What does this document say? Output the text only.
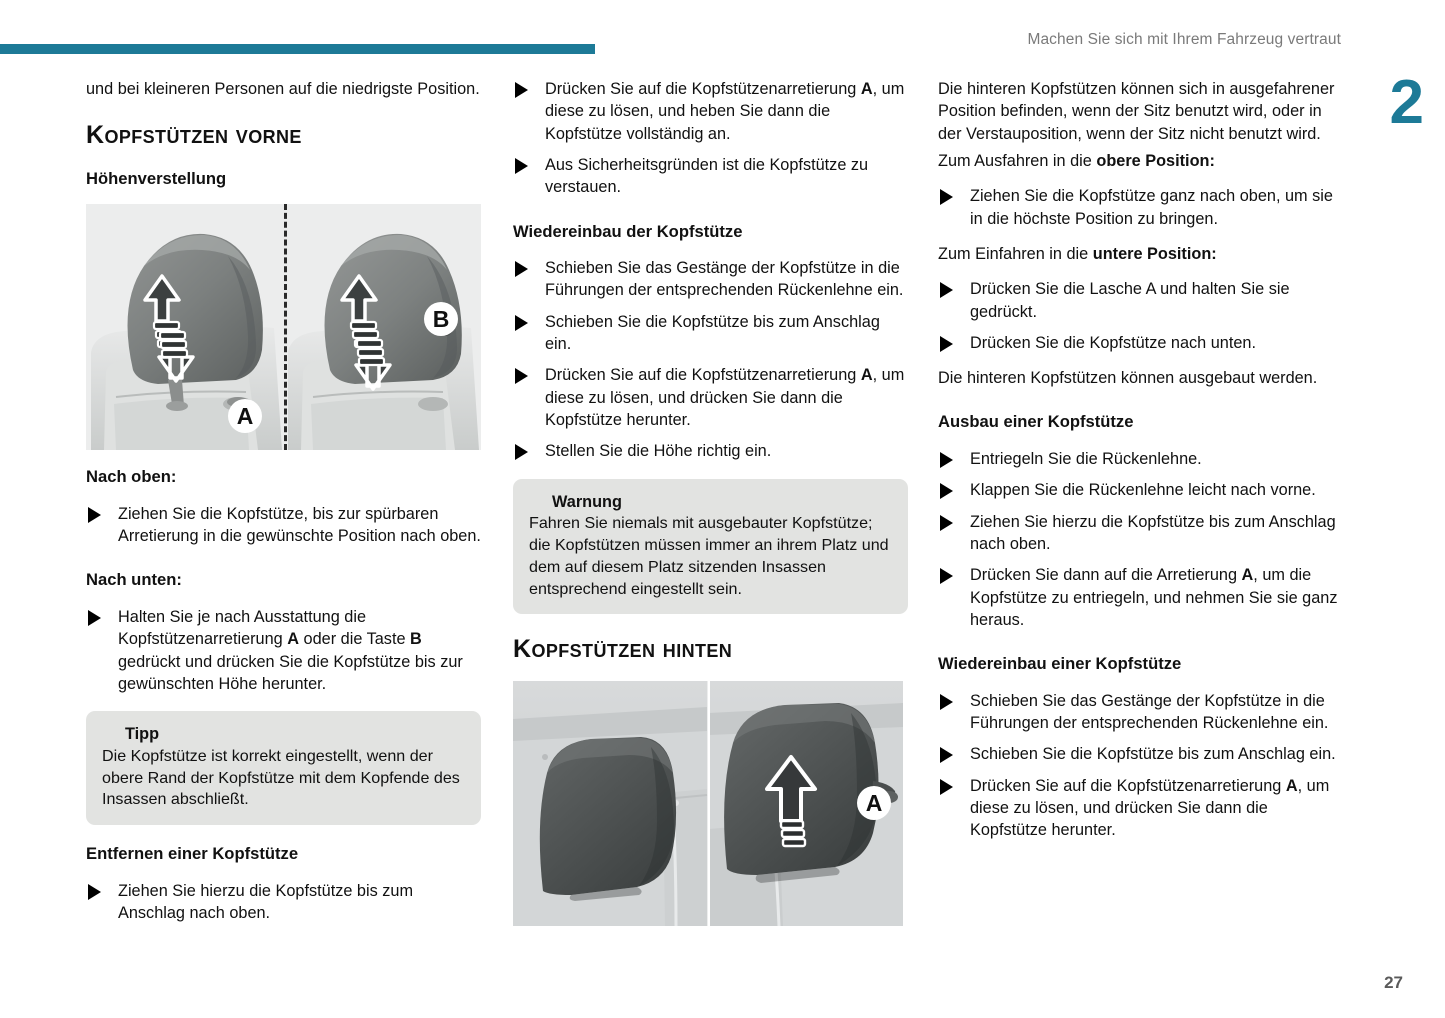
Machen Sie sich mit Ihrem Fahrzeug vertraut
2
27

und bei kleineren Personen auf die niedrigste Position.

Kopfstützen vorne
Höhenverstellung
A
B
Nach oben:
Ziehen Sie die Kopfstütze, bis zur spürbaren Arretierung in die gewünschte Position nach oben.
Nach unten:
Halten Sie je nach Ausstattung die Kopfstützenarretierung A oder die Taste B gedrückt und drücken Sie die Kopfstütze bis zur gewünschten Höhe herunter.
Tipp
Die Kopfstütze ist korrekt eingestellt, wenn der obere Rand der Kopfstütze mit dem Kopfende des Insassen abschließt.
Entfernen einer Kopfstütze
Ziehen Sie hierzu die Kopfstütze bis zum Anschlag nach oben.
Drücken Sie auf die Kopfstützenarretierung A, um diese zu lösen, und heben Sie dann die Kopfstütze vollständig an.
Aus Sicherheitsgründen ist die Kopfstütze zu verstauen.
Wiedereinbau der Kopfstütze
Schieben Sie das Gestänge der Kopfstütze in die Führungen der entsprechenden Rückenlehne ein.
Schieben Sie die Kopfstütze bis zum Anschlag ein.
Drücken Sie auf die Kopfstützenarretierung A, um diese zu lösen, und drücken Sie dann die Kopfstütze herunter.
Stellen Sie die Höhe richtig ein.
Warnung
Fahren Sie niemals mit ausgebauter Kopfstütze; die Kopfstützen müssen immer an ihrem Platz und dem auf diesem Platz sitzenden Insassen entsprechend eingestellt sein.
Kopfstützen hinten
A

Die hinteren Kopfstützen können sich in ausgefahrener Position befinden, wenn der Sitz benutzt wird, oder in der Verstauposition, wenn der Sitz nicht benutzt wird.

Zum Ausfahren in die obere Position:

Ziehen Sie die Kopfstütze ganz nach oben, um sie in die höchste Position zu bringen.

Zum Einfahren in die untere Position:

Drücken Sie die Lasche A und halten Sie sie gedrückt.
Drücken Sie die Kopfstütze nach unten.

Die hinteren Kopfstützen können ausgebaut werden.

Ausbau einer Kopfstütze
Entriegeln Sie die Rückenlehne.
Klappen Sie die Rückenlehne leicht nach vorne.
Ziehen Sie hierzu die Kopfstütze bis zum Anschlag nach oben.
Drücken Sie dann auf die Arretierung A, um die Kopfstütze zu entriegeln, und nehmen Sie sie ganz heraus.
Wiedereinbau einer Kopfstütze
Schieben Sie das Gestänge der Kopfstütze in die Führungen der entsprechenden Rückenlehne ein.
Schieben Sie die Kopfstütze bis zum Anschlag ein.
Drücken Sie auf die Kopfstützenarretierung A, um diese zu lösen, und drücken Sie dann die Kopfstütze herunter.
